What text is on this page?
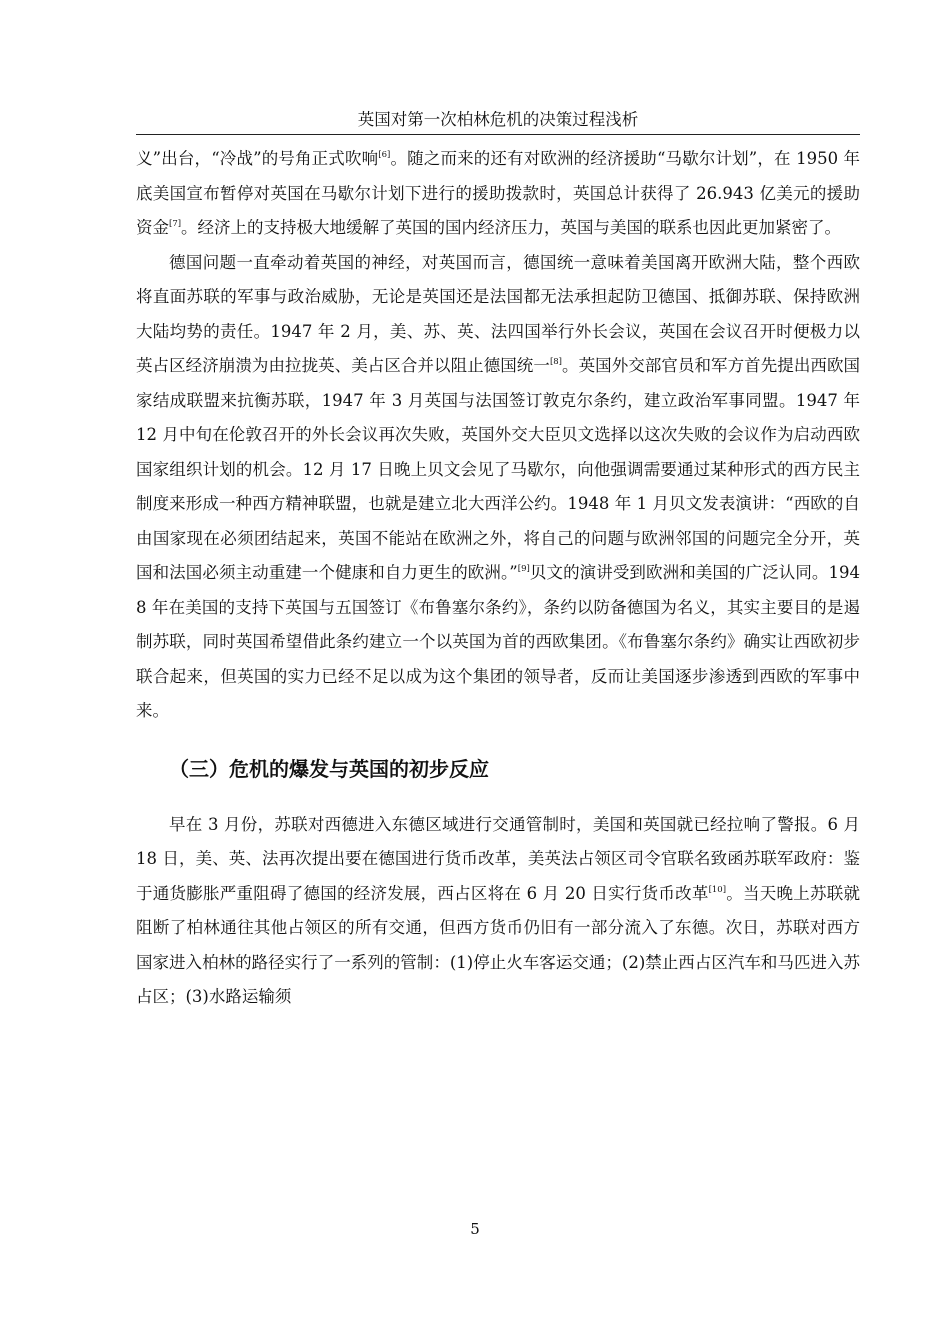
英国对第一次柏林危机的决策过程浅析

义”出台，“冷战”的号角正式吹响[6]。随之而来的还有对欧洲的经济援助“马歇尔计划”，在 1950 年底美国宣布暂停对英国在马歇尔计划下进行的援助拨款时，英国总计获得了 26.943 亿美元的援助资金[7]。经济上的支持极大地缓解了英国的国内经济压力，英国与美国的联系也因此更加紧密了。

德国问题一直牵动着英国的神经，对英国而言，德国统一意味着美国离开欧洲大陆，整个西欧将直面苏联的军事与政治威胁，无论是英国还是法国都无法承担起防卫德国、抵御苏联、保持欧洲大陆均势的责任。1947 年 2 月，美、苏、英、法四国举行外长会议，英国在会议召开时便极力以英占区经济崩溃为由拉拢英、美占区合并以阻止德国统一[8]。英国外交部官员和军方首先提出西欧国家结成联盟来抗衡苏联，1947 年 3 月英国与法国签订敦克尔条约，建立政治军事同盟。1947 年 12 月中旬在伦敦召开的外长会议再次失败，英国外交大臣贝文选择以这次失败的会议作为启动西欧国家组织计划的机会。12 月 17 日晚上贝文会见了马歇尔，向他强调需要通过某种形式的西方民主制度来形成一种西方精神联盟，也就是建立北大西洋公约。1948 年 1 月贝文发表演讲：“西欧的自由国家现在必须团结起来，英国不能站在欧洲之外，将自己的问题与欧洲邻国的问题完全分开，英国和法国必须主动重建一个健康和自力更生的欧洲。”[9]贝文的演讲受到欧洲和美国的广泛认同。1948 年在美国的支持下英国与五国签订《布鲁塞尔条约》，条约以防备德国为名义，其实主要目的是遏制苏联，同时英国希望借此条约建立一个以英国为首的西欧集团。《布鲁塞尔条约》确实让西欧初步联合起来，但英国的实力已经不足以成为这个集团的领导者，反而让美国逐步渗透到西欧的军事中来。

（三）危机的爆发与英国的初步反应

早在 3 月份，苏联对西德进入东德区域进行交通管制时，美国和英国就已经拉响了警报。6 月 18 日，美、英、法再次提出要在德国进行货币改革，美英法占领区司令官联名致函苏联军政府：鉴于通货膨胀严重阻碍了德国的经济发展，西占区将在 6 月 20 日实行货币改革[10]。当天晚上苏联就阻断了柏林通往其他占领区的所有交通，但西方货币仍旧有一部分流入了东德。次日，苏联对西方国家进入柏林的路径实行了一系列的管制：(1)停止火车客运交通；(2)禁止西占区汽车和马匹进入苏占区；(3)水路运输须

5
